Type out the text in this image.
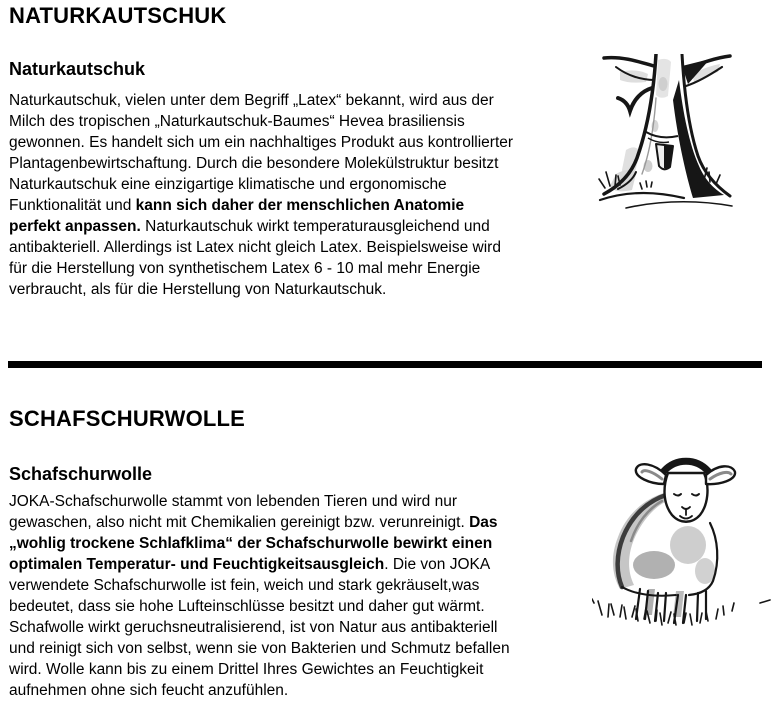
NATURKAUTSCHUK
Naturkautschuk

Naturkautschuk, vielen unter dem Begriff „Latex“ bekannt, wird aus der Milch des tropischen „Naturkautschuk-Baumes“ Hevea brasiliensis gewonnen. Es handelt sich um ein nachhaltiges Produkt aus kontrollierter Plantagenbewirtschaftung. Durch die besondere Molekülstruktur besitzt Naturkautschuk eine einzigartige klimatische und ergonomische Funktionalität und kann sich daher der menschlichen Anatomie perfekt anpassen. Naturkautschuk wirkt temperaturausgleichend und antibakteriell. Allerdings ist Latex nicht gleich Latex. Beispielsweise wird für die Herstellung von synthetischem Latex 6 - 10 mal mehr Energie verbraucht, als für die Herstellung von Naturkautschuk.

SCHAFSCHURWOLLE
Schafschurwolle

JOKA-Schafschurwolle stammt von lebenden Tieren und wird nur gewaschen, also nicht mit Chemikalien gereinigt bzw. verunreinigt. Das „wohlig trockene Schlafklima“ der Schafschurwolle bewirkt einen optimalen Temperatur- und Feuchtigkeitsausgleich. Die von JOKA verwendete Schafschurwolle ist fein, weich und stark gekräuselt,was bedeutet, dass sie hohe Lufteinschlüsse besitzt und daher gut wärmt. Schafwolle wirkt geruchsneutralisierend, ist von Natur aus antibakteriell und reinigt sich von selbst, wenn sie von Bakterien und Schmutz befallen wird. Wolle kann bis zu einem Drittel Ihres Gewichtes an Feuchtigkeit aufnehmen ohne sich feucht anzufühlen.
